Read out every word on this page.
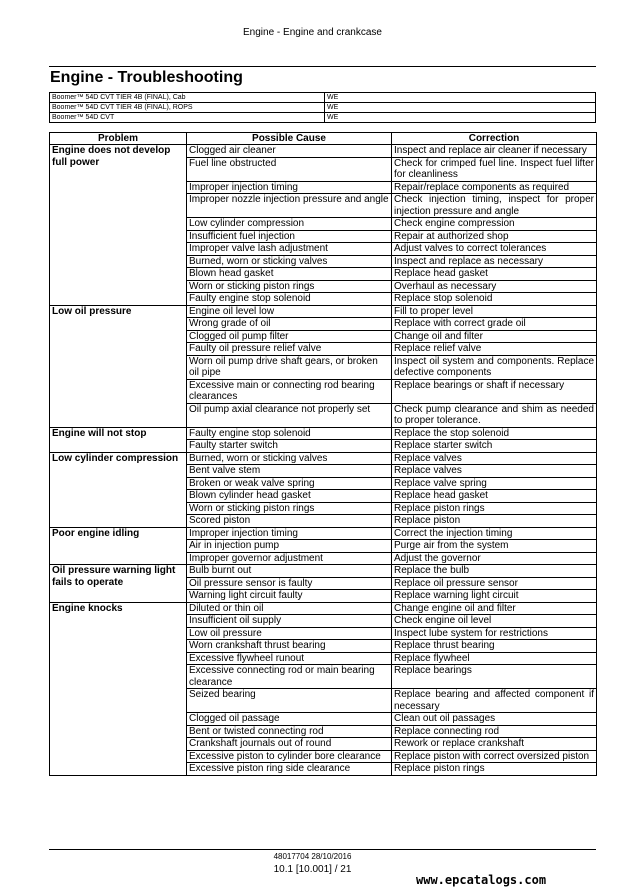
Engine - Engine and crankcase
Engine - Troubleshooting
Boomer™ 54D CVT TIER 4B (FINAL), Cab	WE
Boomer™ 54D CVT TIER 4B (FINAL), ROPS	WE
Boomer™ 54D CVT	WE
Problem	Possible Cause	Correction
Engine does not develop full power	Clogged air cleaner	Inspect and replace air cleaner if necessary
	Fuel line obstructed	Check for crimped fuel line. Inspect fuel lifter for cleanliness
	Improper injection timing	Repair/replace components as required
	Improper nozzle injection pressure and angle	Check injection timing, inspect for proper injection pressure and angle
	Low cylinder compression	Check engine compression
	Insufficient fuel injection	Repair at authorized shop
	Improper valve lash adjustment	Adjust valves to correct tolerances
	Burned, worn or sticking valves	Inspect and replace as necessary
	Blown head gasket	Replace head gasket
	Worn or sticking piston rings	Overhaul as necessary
	Faulty engine stop solenoid	Replace stop solenoid
Low oil pressure	Engine oil level low	Fill to proper level
	Wrong grade of oil	Replace with correct grade oil
	Clogged oil pump filter	Change oil and filter
	Faulty oil pressure relief valve	Replace relief valve
	Worn oil pump drive shaft gears, or broken oil pipe	Inspect oil system and components. Replace defective components
	Excessive main or connecting rod bearing clearances	Replace bearings or shaft if necessary
	Oil pump axial clearance not properly set	Check pump clearance and shim as needed to proper tolerance.
Engine will not stop	Faulty engine stop solenoid	Replace the stop solenoid
	Faulty starter switch	Replace starter switch
Low cylinder compression	Burned, worn or sticking valves	Replace valves
	Bent valve stem	Replace valves
	Broken or weak valve spring	Replace valve spring
	Blown cylinder head gasket	Replace head gasket
	Worn or sticking piston rings	Replace piston rings
	Scored piston	Replace piston
Poor engine idling	Improper injection timing	Correct the injection timing
	Air in injection pump	Purge air from the system
	Improper governor adjustment	Adjust the governor
Oil pressure warning light fails to operate	Bulb burnt out	Replace the bulb
	Oil pressure sensor is faulty	Replace oil pressure sensor
	Warning light circuit faulty	Replace warning light circuit
Engine knocks	Diluted or thin oil	Change engine oil and filter
	Insufficient oil supply	Check engine oil level
	Low oil pressure	Inspect lube system for restrictions
	Worn crankshaft thrust bearing	Replace thrust bearing
	Excessive flywheel runout	Replace flywheel
	Excessive connecting rod or main bearing clearance	Replace bearings
	Seized bearing	Replace bearing and affected component if necessary
	Clogged oil passage	Clean out oil passages
	Bent or twisted connecting rod	Replace connecting rod
	Crankshaft journals out of round	Rework or replace crankshaft
	Excessive piston to cylinder bore clearance	Replace piston with correct oversized piston
	Excessive piston ring side clearance	Replace piston rings
48017704 28/10/2016
10.1 [10.001] / 21
www.epcatalogs.com
